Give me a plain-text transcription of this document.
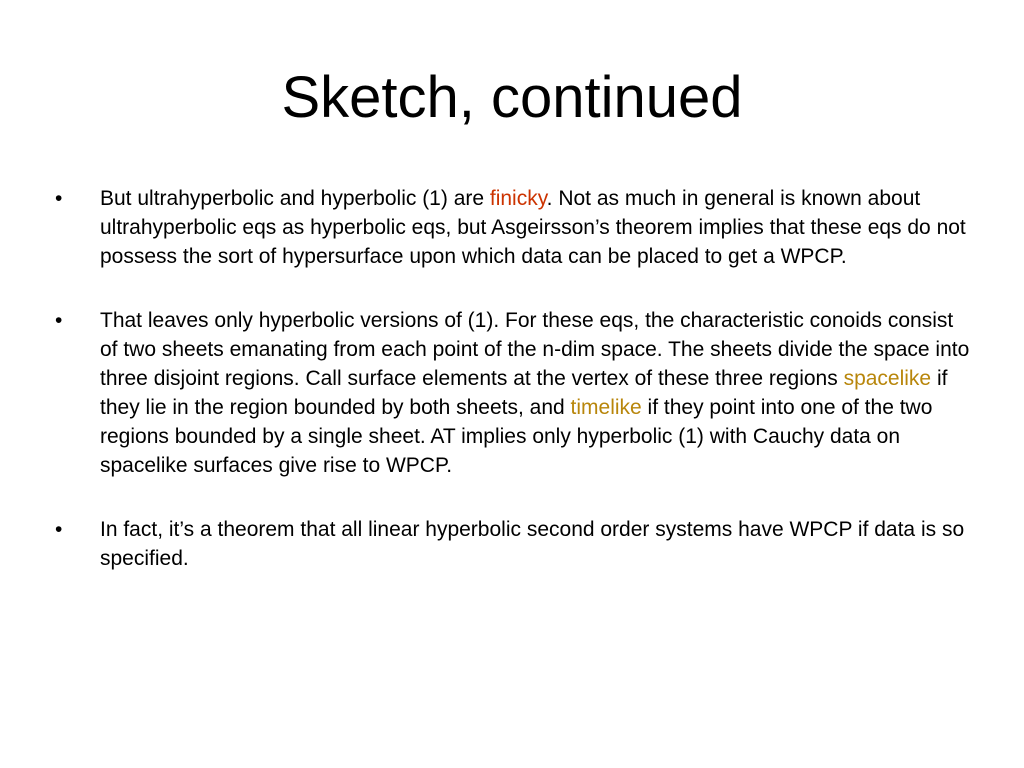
Sketch, continued
•	But ultrahyperbolic and hyperbolic (1) are finicky. Not as much in general is known about ultrahyperbolic eqs as hyperbolic eqs, but Asgeirsson’s theorem implies that these eqs do not possess the sort of hypersurface upon which data can be placed to get a WPCP.
•	That leaves only hyperbolic versions of (1). For these eqs, the characteristic conoids consist of two sheets emanating from each point of the n-dim space. The sheets divide the space into three disjoint regions. Call surface elements at the vertex of these three regions spacelike if they lie in the region bounded by both sheets, and timelike if they point into one of the two regions bounded by a single sheet. AT implies only hyperbolic (1) with Cauchy data on spacelike surfaces give rise to WPCP.
•	In fact, it’s a theorem that all linear hyperbolic second order systems have WPCP if data is so specified.
